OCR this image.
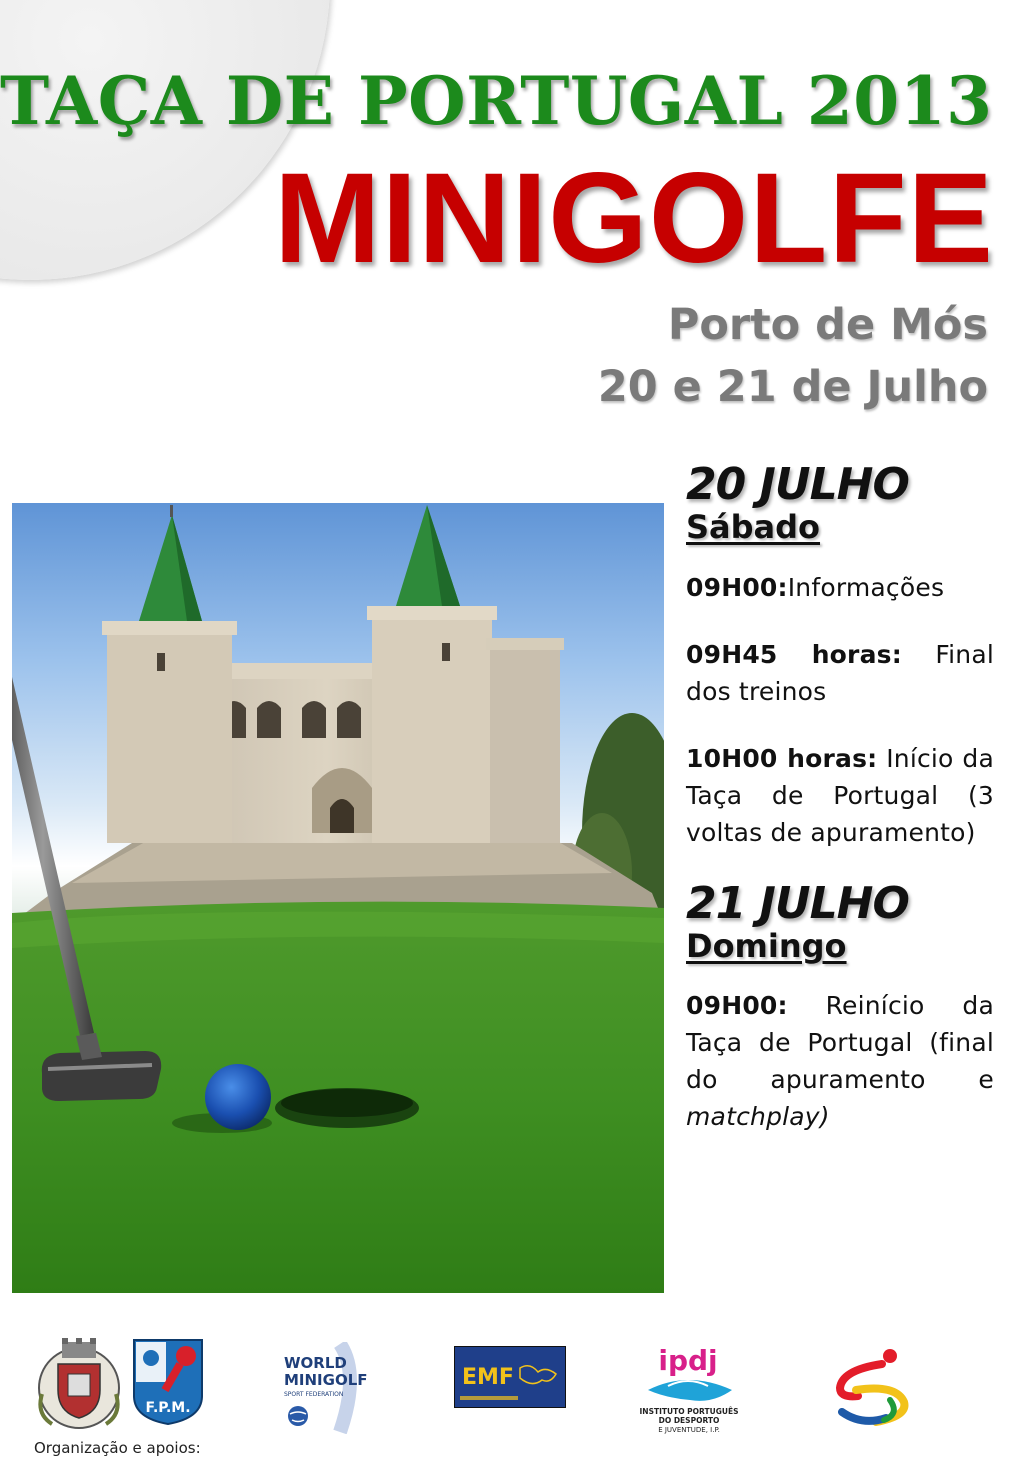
TAÇA DE PORTUGAL 2013
MINIGOLFE
Porto de Mós
20 e 21 de Julho
20 JULHO
Sábado
09H00:Informações
09H45 horas: Final dos treinos
10H00 horas: Início da Taça de Portugal (3 voltas de apuramento)
21 JULHO
Domingo
09H00: Reinício da Taça de Portugal (final do apuramento e matchplay)
F.P.M.
WORLD
MINIGOLF
SPORT FEDERATION
EMF
ipdj
INSTITUTO PORTUGUÊS
DO DESPORTO
E JUVENTUDE, I.P.
Organização e apoios:
